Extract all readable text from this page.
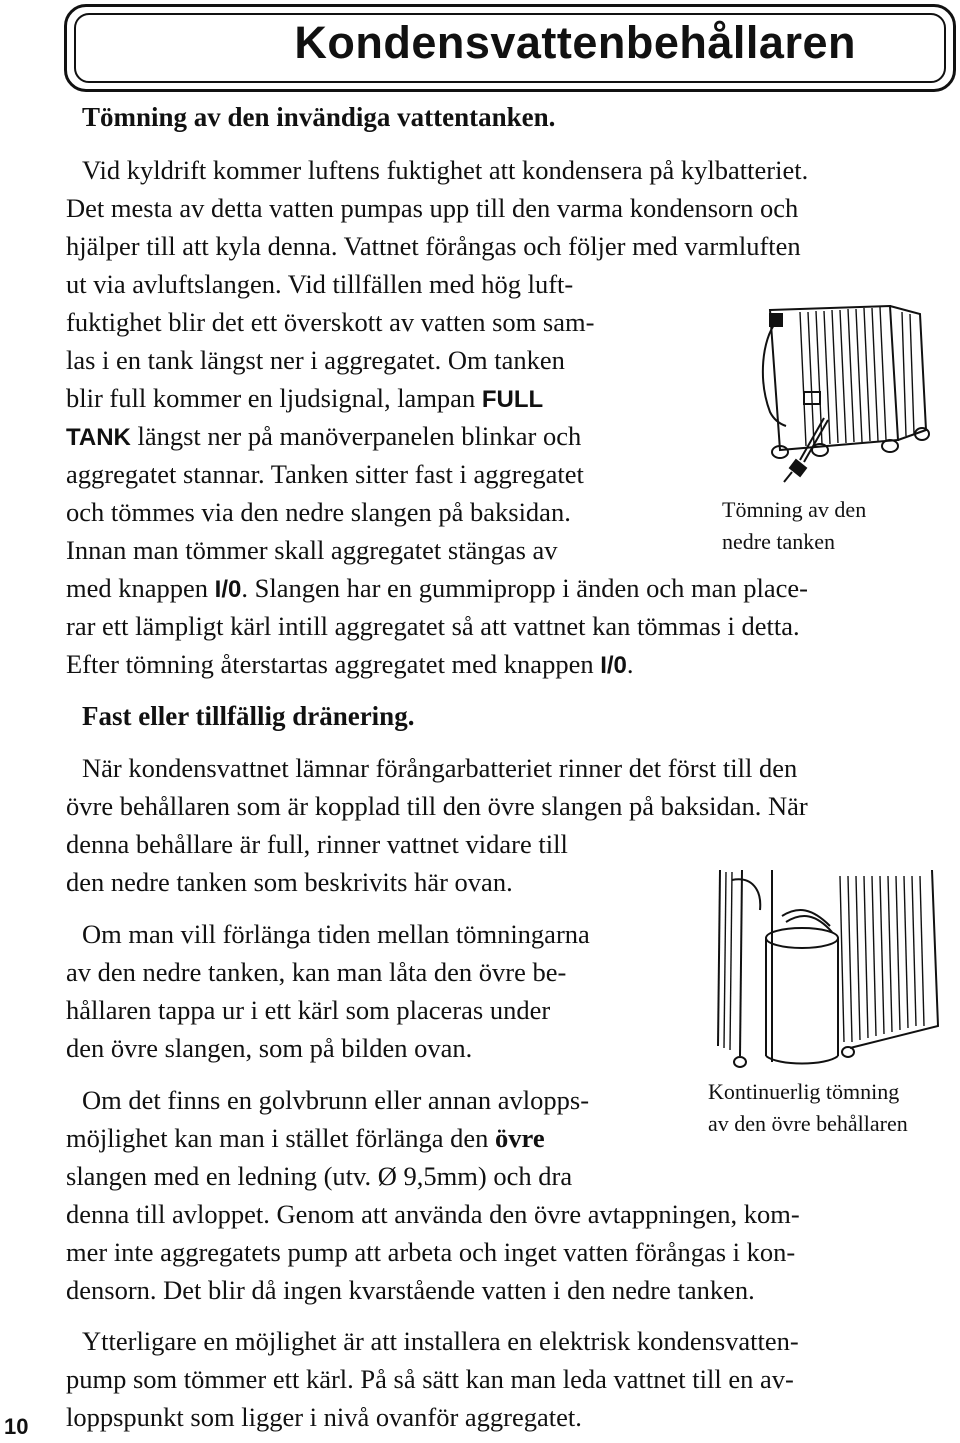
Kondensvattenbehållaren
Tömning av den invändiga vattentanken.
Vid kyldrift kommer luftens fuktighet att kondensera på kylbatteriet.
Det mesta av detta vatten pumpas upp till den varma kondensorn och
hjälper till att kyla denna. Vattnet förångas och följer med varmluften
ut via avluftslangen. Vid tillfällen med hög luft-
fuktighet blir det ett överskott av vatten som sam-
las i en tank längst ner i aggregatet. Om tanken
blir full kommer en ljudsignal, lampan FULL
TANK längst ner på manöverpanelen blinkar och
aggregatet stannar. Tanken sitter fast i aggregatet
och tömmes via den nedre slangen på baksidan.
Innan man tömmer skall aggregatet stängas av
med knappen I/0. Slangen har en gummipropp i änden och man place-
rar ett lämpligt kärl intill aggregatet så att vattnet kan tömmas i detta.
Efter tömning återstartas aggregatet med knappen I/0.
Tömning av den
nedre tanken
Fast eller tillfällig dränering.
När kondensvattnet lämnar förångarbatteriet rinner det först till den
övre behållaren som är kopplad till den övre slangen på baksidan. När
denna behållare är full, rinner vattnet vidare till
den nedre tanken som beskrivits här ovan.
Om man vill förlänga tiden mellan tömningarna
av den nedre tanken, kan man låta den övre be-
hållaren tappa ur i ett kärl som placeras under
den övre slangen, som på bilden ovan.
Om det finns en golvbrunn eller annan avlopps-
möjlighet kan man i stället förlänga den övre
slangen med en ledning (utv. Ø 9,5mm) och dra
denna till avloppet. Genom att använda den övre avtappningen, kom-
mer inte aggregatets pump att arbeta och inget vatten förångas i kon-
densorn. Det blir då ingen kvarstående vatten i den nedre tanken.
Ytterligare en möjlighet är att installera en elektrisk kondensvatten-
pump som tömmer ett kärl. På så sätt kan man leda vattnet till en av-
loppspunkt som ligger i nivå ovanför aggregatet.
Kontinuerlig tömning
av den övre behållaren
10
